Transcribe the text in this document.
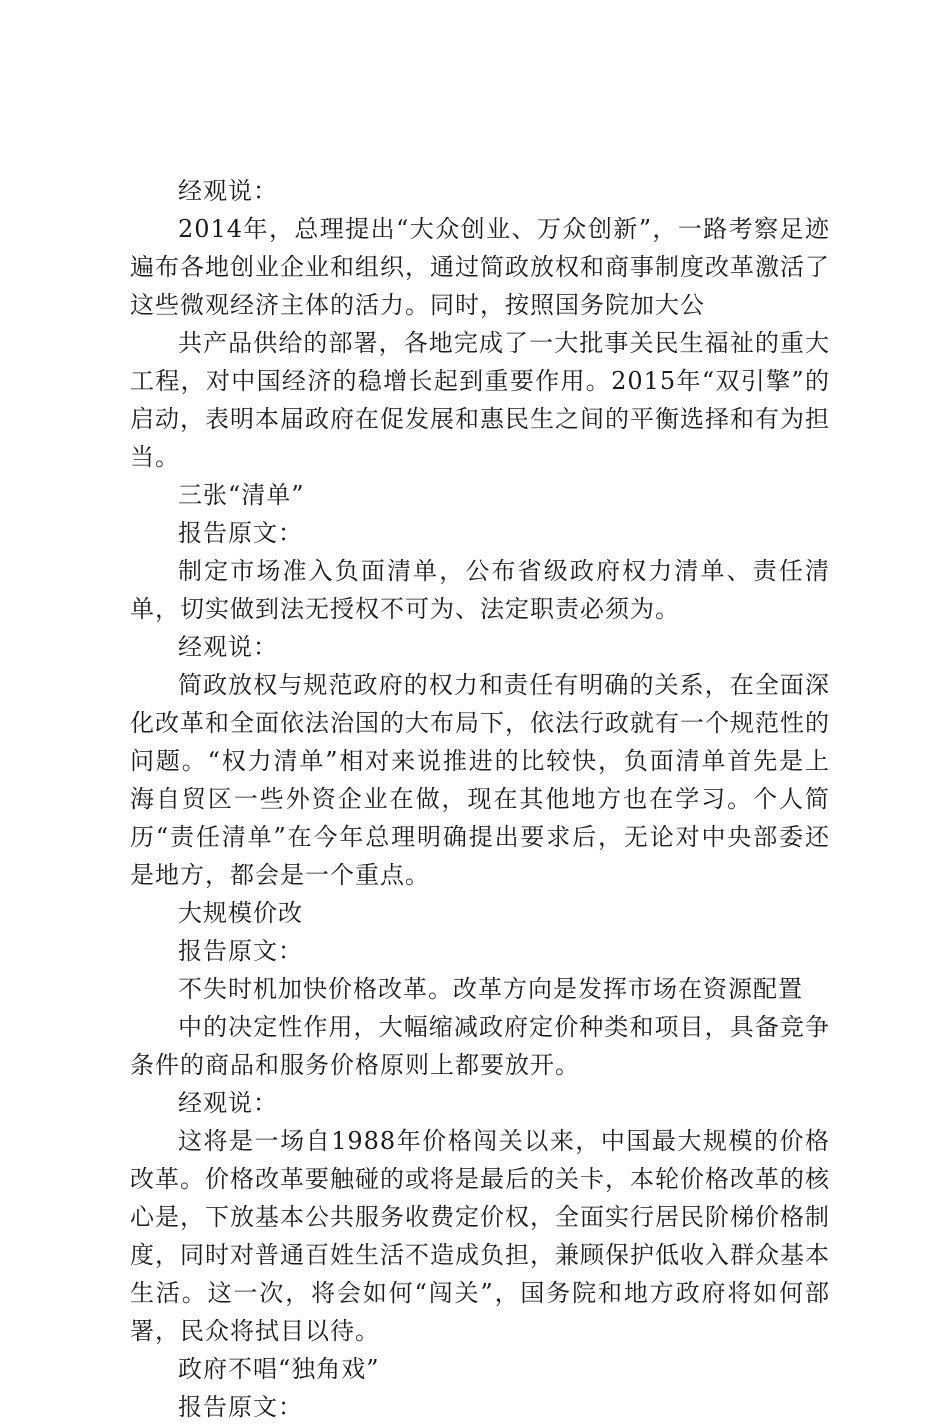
经观说：

2014年，总理提出“大众创业、万众创新”，一路考察足迹遍布各地创业企业和组织，通过简政放权和商事制度改革激活了这些微观经济主体的活力。同时，按照国务院加大公

共产品供给的部署，各地完成了一大批事关民生福祉的重大工程，对中国经济的稳增长起到重要作用。2015年“双引擎”的启动，表明本届政府在促发展和惠民生之间的平衡选择和有为担当。

三张“清单”

报告原文：

制定市场准入负面清单，公布省级政府权力清单、责任清单，切实做到法无授权不可为、法定职责必须为。

经观说：

简政放权与规范政府的权力和责任有明确的关系，在全面深化改革和全面依法治国的大布局下，依法行政就有一个规范性的问题。“权力清单”相对来说推进的比较快，负面清单首先是上海自贸区一些外资企业在做，现在其他地方也在学习。个人简历“责任清单”在今年总理明确提出要求后，无论对中央部委还是地方，都会是一个重点。

大规模价改

报告原文：

不失时机加快价格改革。改革方向是发挥市场在资源配置

中的决定性作用，大幅缩减政府定价种类和项目，具备竞争条件的商品和服务价格原则上都要放开。

经观说：

这将是一场自1988年价格闯关以来，中国最大规模的价格改革。价格改革要触碰的或将是最后的关卡，本轮价格改革的核心是，下放基本公共服务收费定价权，全面实行居民阶梯价格制度，同时对普通百姓生活不造成负担，兼顾保护低收入群众基本生活。这一次，将会如何“闯关”，国务院和地方政府将如何部署，民众将拭目以待。

政府不唱“独角戏”

报告原文：
